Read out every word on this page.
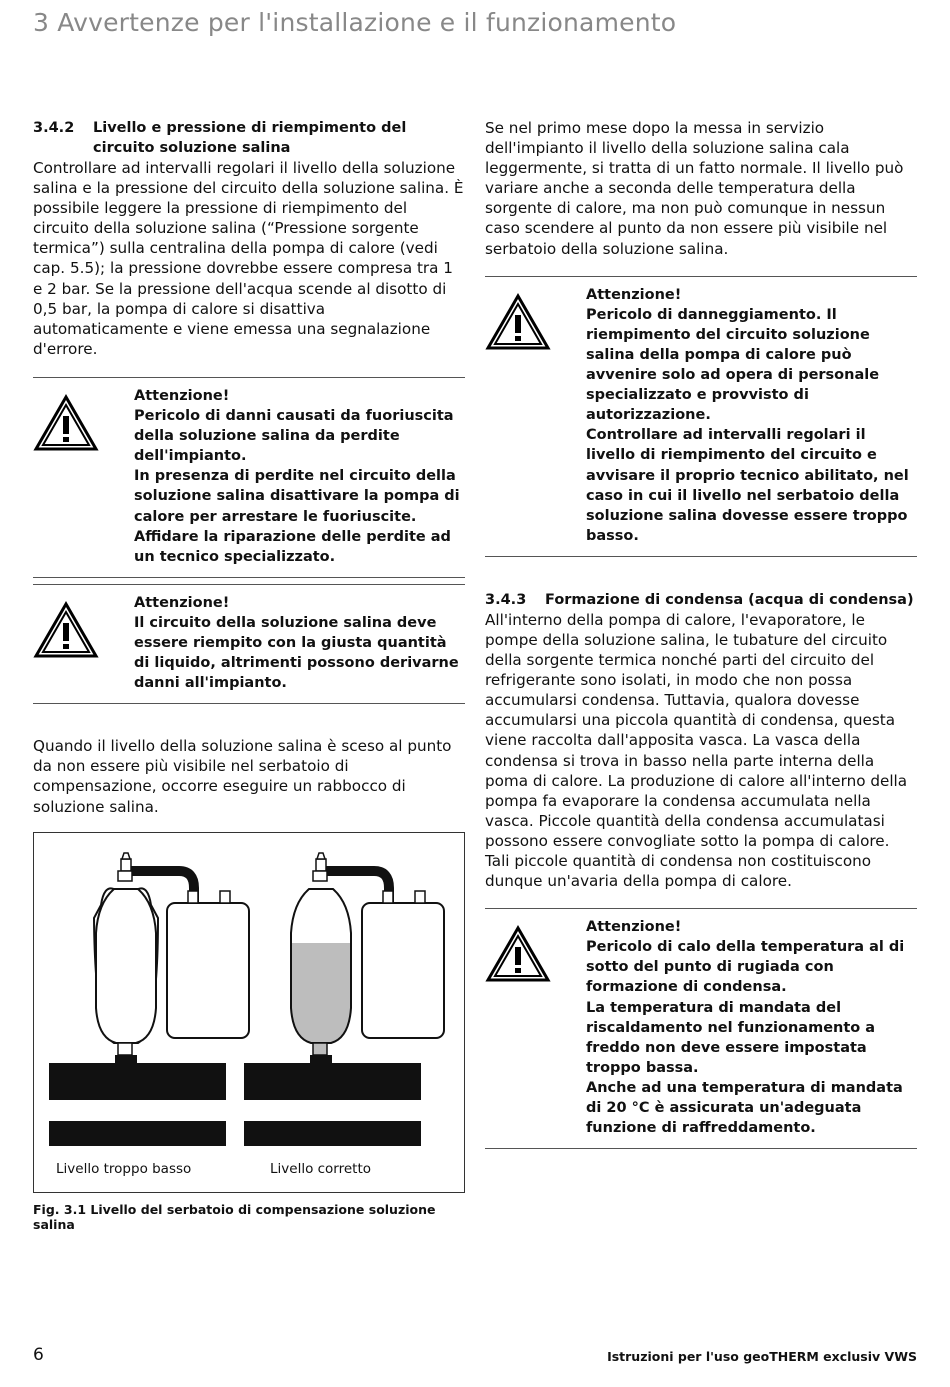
3 Avvertenze per l'installazione e il funzionamento
3.4.2	Livello e pressione di riempimento del circuito soluzione salina

Controllare ad intervalli regolari il livello della soluzione salina e la pressione del circuito della soluzione salina. È possibile leggere la pressione di riempimento del circuito della soluzione salina (“Pressione sorgente termica”) sulla centralina della pompa di calore (vedi cap. 5.5); la pressione dovrebbe essere compresa tra 1 e 2 bar. Se la pressione dell'acqua scende al disotto di 0,5 bar, la pompa di calore si disattiva automaticamente e viene emessa una segnalazione d'errore.

Attenzione!
Pericolo di danni causati da fuoriuscita della soluzione salina da perdite dell'impianto.
In presenza di perdite nel circuito della soluzione salina disattivare la pompa di calore per arrestare le fuoriuscite.
Affidare la riparazione delle perdite ad un tecnico specializzato.
Attenzione!
Il circuito della soluzione salina deve essere riempito con la giusta quantità di liquido, altrimenti possono derivarne danni all'impianto.

Quando il livello della soluzione salina è sceso al punto da non essere più visibile nel serbatoio di compensazione, occorre eseguire un rabbocco di soluzione salina.

Livello troppo basso	Livello corretto
Fig. 3.1 Livello del serbatoio di compensazione soluzione salina

Se nel primo mese dopo la messa in servizio dell'impianto il livello della soluzione salina cala leggermente, si tratta di un fatto normale. Il livello può variare anche a seconda delle temperatura della sorgente di calore, ma non può comunque in nessun caso scendere al punto da non essere più visibile nel serbatoio della soluzione salina.

Attenzione!
Pericolo di danneggiamento. Il riempimento del circuito soluzione salina della pompa di calore può avvenire solo ad opera di personale specializzato e provvisto di autorizzazione.
Controllare ad intervalli regolari il livello di riempimento del circuito e avvisare il proprio tecnico abilitato, nel caso in cui il livello nel serbatoio della soluzione salina dovesse essere troppo basso.
3.4.3	Formazione di condensa (acqua di condensa)

All'interno della pompa di calore, l'evaporatore, le pompe della soluzione salina, le tubature del circuito della sorgente termica nonché parti del circuito del refrigerante sono isolati, in modo che non possa accumularsi condensa. Tuttavia, qualora dovesse accumularsi una piccola quantità di condensa, questa viene raccolta dall'apposita vasca. La vasca della condensa si trova in basso nella parte interna della poma di calore. La produzione di calore all'interno della pompa fa evaporare la condensa accumulata nella vasca. Piccole quantità della condensa accumulatasi possono essere convogliate sotto la pompa di calore. Tali piccole quantità di condensa non costituiscono dunque un'avaria della pompa di calore.

Attenzione!
Pericolo di calo della temperatura al di sotto del punto di rugiada con formazione di condensa.
La temperatura di mandata del riscaldamento nel funzionamento a freddo non deve essere impostata troppo bassa.
Anche ad una temperatura di mandata di 20 °C è assicurata un'adeguata funzione di raffreddamento.
6	Istruzioni per l'uso geoTHERM exclusiv VWS
